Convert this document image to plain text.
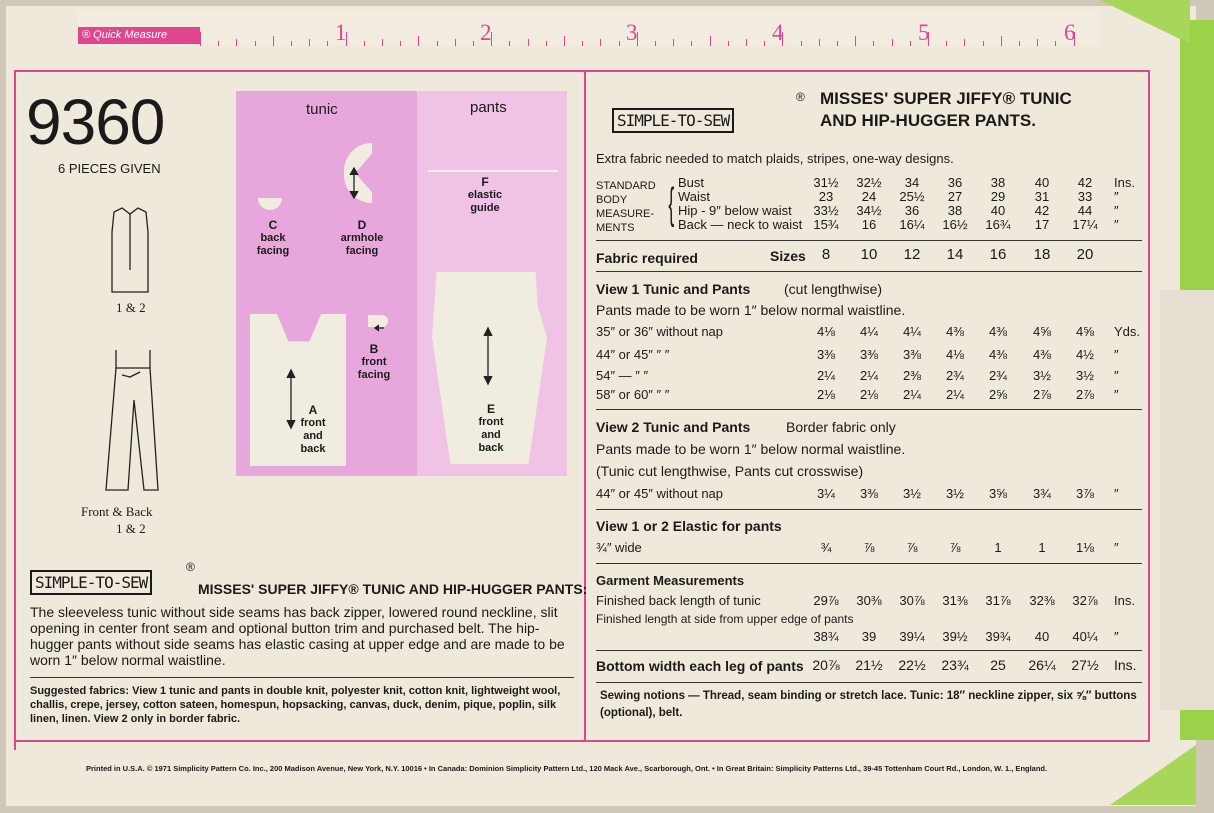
® Quick Measure	1	2	3	4	5	6
9360
6 PIECES GIVEN
1 & 2
Front & Back
1 & 2
tunic	pants
C
back facing
D
armhole facing
B
front facing
A
front and back
F
elastic guide
E
front and back
SIMPLE-TO-SEW
®
MISSES' SUPER JIFFY® TUNIC AND HIP-HUGGER PANTS:
The sleeveless tunic without side seams has back zipper, lowered round neckline, slit opening in center front seam and optional button trim and purchased belt. The hip-hugger pants without side seams has elastic casing at upper edge and are made to be worn 1″ below normal waistline.
Suggested fabrics: View 1 tunic and pants in double knit, polyester knit, cotton knit, lightweight wool, challis, crepe, jersey, cotton sateen, homespun, hopsacking, canvas, duck, denim, pique, poplin, silk linen, linen. View 2 only in border fabric.
SIMPLE-TO-SEW
® MISSES' SUPER JIFFY® TUNIC
AND HIP-HUGGER PANTS.
Extra fabric needed to match plaids, stripes, one-way designs.
STANDARD
BODY
MEASURE-
MENTS { Bust	31½	32½	34	36	38	40	42	Ins.
Waist	23	24	25½	27	29	31	33	″
Hip - 9″ below waist	33½	34½	36	38	40	42	44	″
Back — neck to waist 15¾	16	16¼	16½	16¾	17	17¼	″
Fabric required	Sizes	8	10	12	14	16	18	20
View 1 Tunic and Pants (cut lengthwise)
Pants made to be worn 1″ below normal waistline.
35″ or 36″ without nap	4⅛	4¼	4¼	4⅜	4⅜	4⅝	4⅝	Yds.
44″ or 45″ ″ ″	3⅜	3⅜	3⅜	4⅛	4⅜	4⅜	4½	″
54″ — ″ ″	2¼	2¼	2⅜	2¾	2¾	3½	3½	″
58″ or 60″ ″ ″	2⅛	2⅛	2¼	2¼	2⅝	2⅞	2⅞	″
View 2 Tunic and Pants	Border fabric only
Pants made to be worn 1″ below normal waistline.
(Tunic cut lengthwise, Pants cut crosswise)
44″ or 45″ without nap	3¼	3⅜	3½	3½	3⅝	3¾	3⅞	″
View 1 or 2 Elastic for pants
¾″ wide	¾	⅞	⅞	⅞	1	1	1⅛	″
Garment Measurements
Finished back length of tunic	29⅞	30⅜	30⅞	31⅜	31⅞	32⅜	32⅞	Ins.
Finished length at side from upper edge of pants
38¾	39	39¼	39½	39¾	40	40¼	″
Bottom width each leg of pants 20⅞	21½	22½	23¾	25	26¼	27½	Ins.
Sewing notions — Thread, seam binding or stretch lace. Tunic: 18″ neckline zipper, six ⅝″ buttons (optional), belt.
Printed in U.S.A. © 1971 Simplicity Pattern Co. Inc., 200 Madison Avenue, New York, N.Y. 10016 • In Canada: Dominion Simplicity Pattern Ltd., 120 Mack Ave., Scarborough, Ont. • In Great Britain: Simplicity Patterns Ltd., 39-45 Tottenham Court Rd., London, W. 1., England.
